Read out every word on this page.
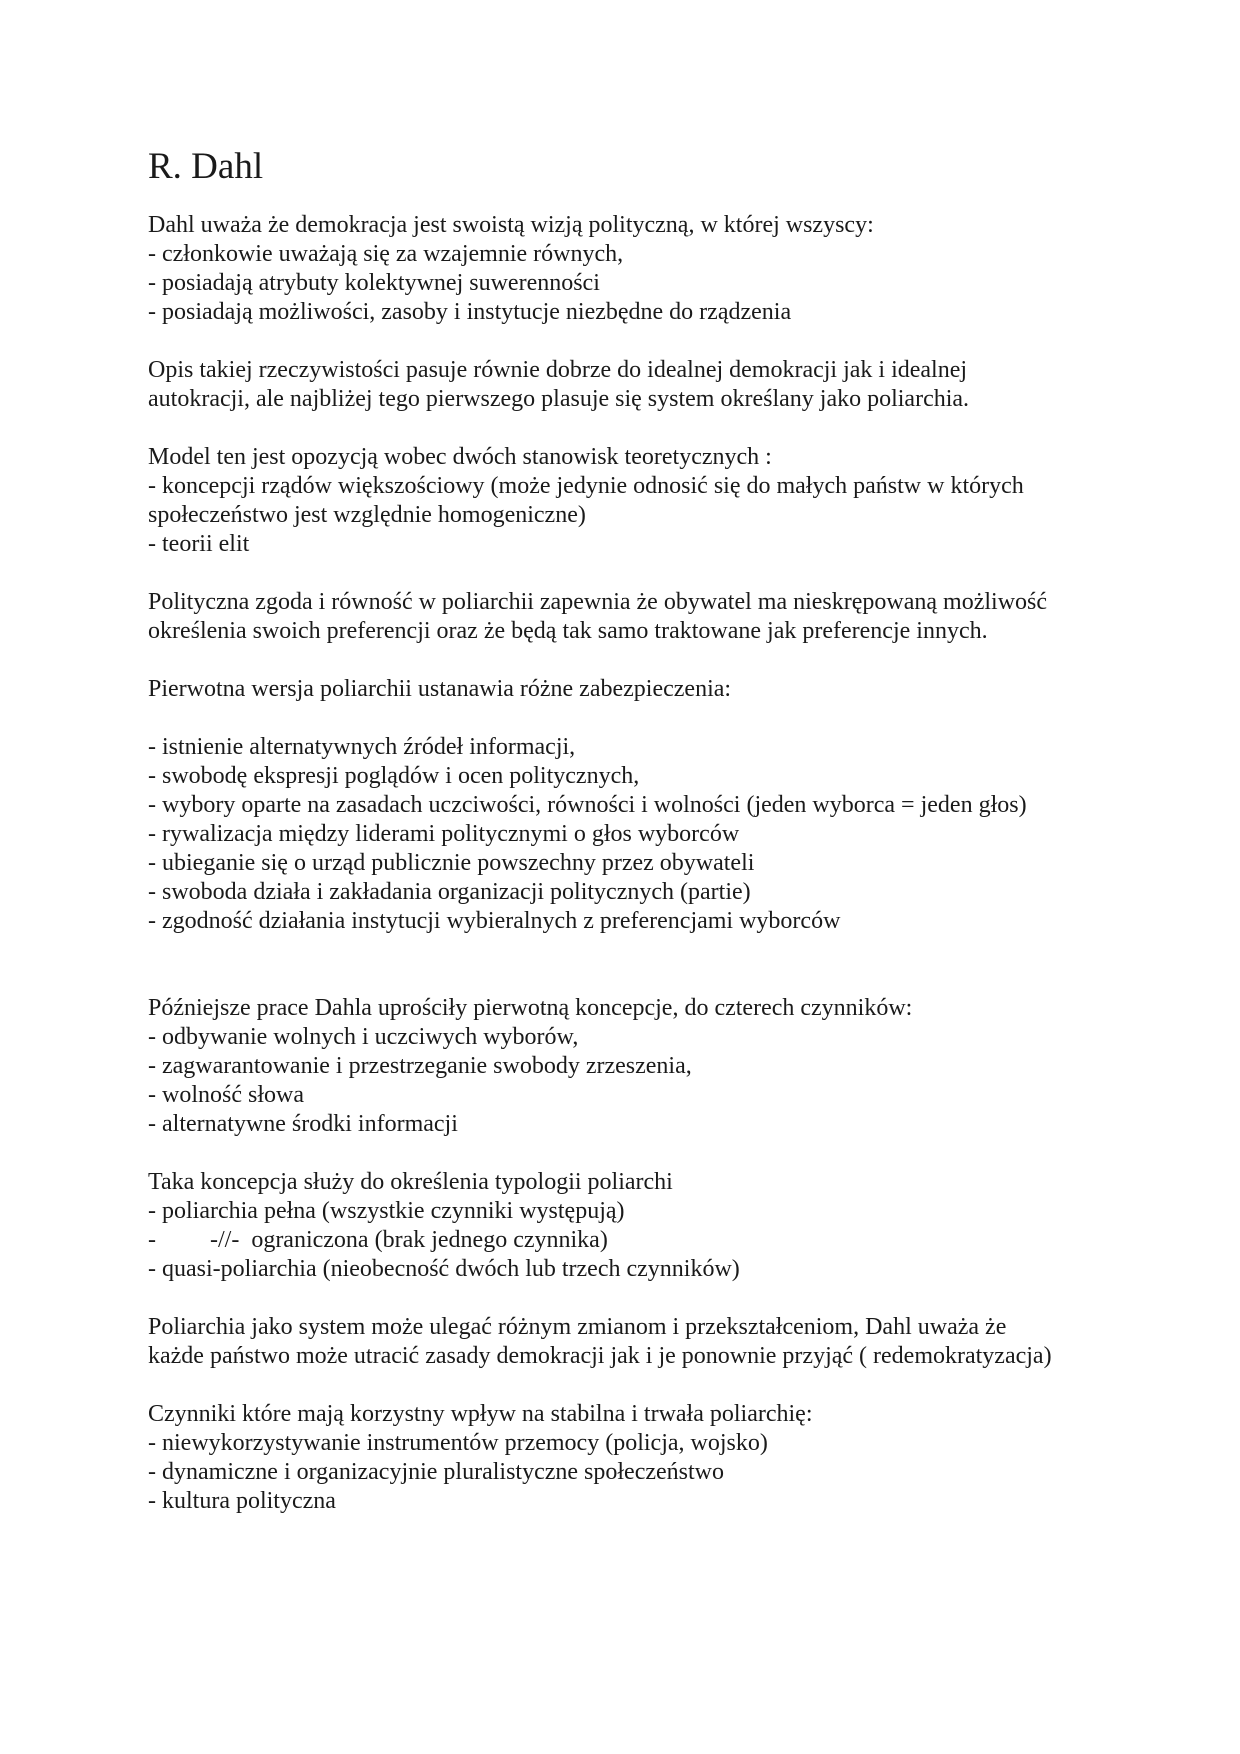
R. Dahl
Dahl uważa że demokracja jest swoistą wizją polityczną, w której wszyscy:
- członkowie uważają się za wzajemnie równych,
- posiadają atrybuty kolektywnej suwerenności
- posiadają możliwości, zasoby i instytucje niezbędne do rządzenia
Opis takiej rzeczywistości pasuje równie dobrze do idealnej demokracji jak i idealnej
autokracji, ale najbliżej tego pierwszego plasuje się system określany jako poliarchia.
Model ten jest opozycją wobec dwóch stanowisk teoretycznych :
- koncepcji rządów większościowy (może jedynie odnosić się do małych państw w których
społeczeństwo jest względnie homogeniczne)
- teorii elit
Polityczna zgoda i równość w poliarchii zapewnia że obywatel ma nieskrępowaną możliwość
określenia swoich preferencji oraz że będą tak samo traktowane jak preferencje innych.
Pierwotna wersja poliarchii ustanawia różne zabezpieczenia:
- istnienie alternatywnych źródeł informacji,
- swobodę ekspresji poglądów i ocen politycznych,
- wybory oparte na zasadach uczciwości, równości i wolności (jeden wyborca = jeden głos)
- rywalizacja między liderami politycznymi o głos wyborców
- ubieganie się o urząd publicznie powszechny przez obywateli
- swoboda działa i zakładania organizacji politycznych (partie)
- zgodność działania instytucji wybieralnych z preferencjami wyborców
Późniejsze prace Dahla uprościły pierwotną koncepcje, do czterech czynników:
- odbywanie wolnych i uczciwych wyborów,
- zagwarantowanie i przestrzeganie swobody zrzeszenia,
- wolność słowa
- alternatywne środki informacji
Taka koncepcja służy do określenia typologii poliarchi
- poliarchia pełna (wszystkie czynniki występują)
-         -//-  ograniczona (brak jednego czynnika)
- quasi-poliarchia (nieobecność dwóch lub trzech czynników)
Poliarchia jako system może ulegać różnym zmianom i przekształceniom, Dahl uważa że
każde państwo może utracić zasady demokracji jak i je ponownie przyjąć ( redemokratyzacja)
Czynniki które mają korzystny wpływ na stabilna i trwała poliarchię:
- niewykorzystywanie instrumentów przemocy (policja, wojsko)
- dynamiczne i organizacyjnie pluralistyczne społeczeństwo
- kultura polityczna
